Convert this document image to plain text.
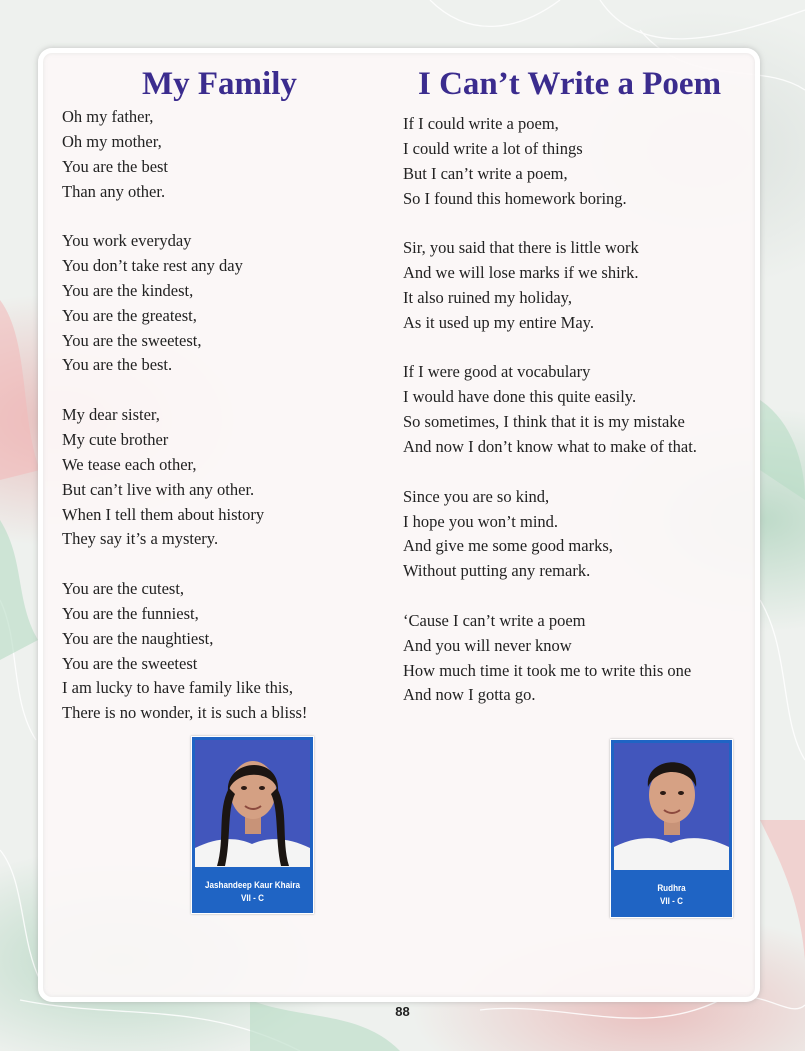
My Family
Oh my father,
Oh my mother,
You are the best
Than any other.

You work everyday
You don’t take rest any day
You are the kindest,
You are the greatest,
You are the sweetest,
You are the best.

My dear sister,
My cute brother
We tease each other,
But can’t live with any other.
When I tell them about history
They say it’s a mystery.

You are the cutest,
You are the funniest,
You are the naughtiest,
You are the sweetest
I am lucky to have family like this,
There is no wonder, it is such a bliss!
I Can’t Write a Poem
If I could write a poem,
I could write a lot of things
But I can’t write a poem,
So I found this homework boring.

Sir, you said that there is little work
And we will lose marks if we shirk.
It also ruined my holiday,
As it used up my entire May.

If I were good at vocabulary
I would have done this quite easily.
So sometimes, I think that it is my mistake
And now I don’t know what to make of that.

Since you are so kind,
I hope you won’t mind.
And give me some good marks,
Without putting any remark.

‘Cause I can’t write a poem
And you will never know
How much time it took me to write this one
And now I gotta go.
Jashandeep Kaur Khaira
VII - C
Rudhra
VII - C
88
